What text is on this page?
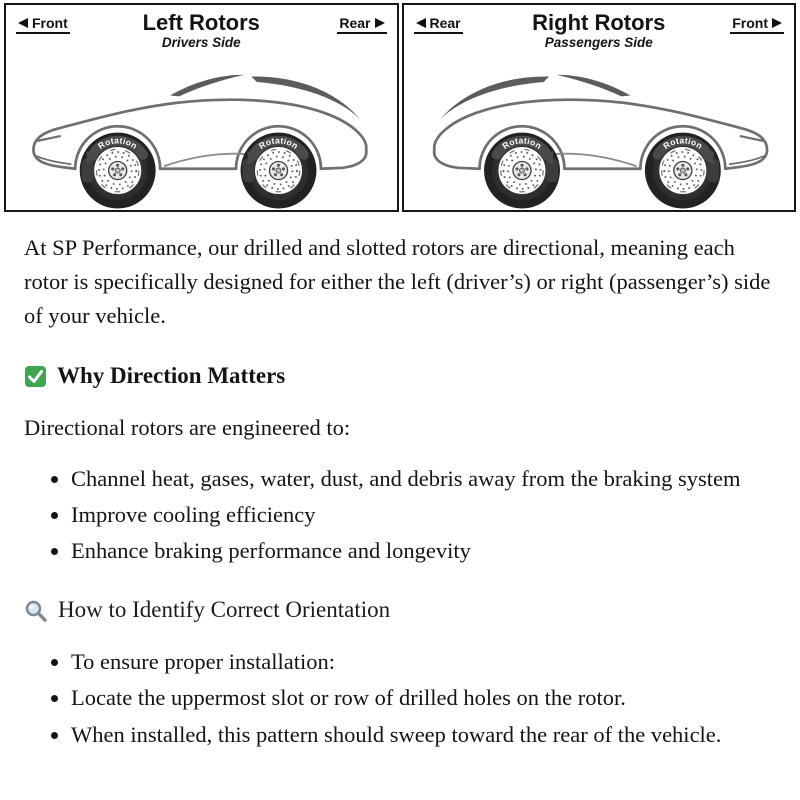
Front	Left Rotors
Drivers Side
Rear
Rotation	Rotation
Rear	Right Rotors
Passengers Side
Front
Rotation	Rotation

At SP Performance, our drilled and slotted rotors are directional, meaning each rotor is specifically designed for either the left (driver’s) or right (passenger’s) side of your vehicle.

Why Direction Matters

Directional rotors are engineered to:

• Channel heat, gases, water, dust, and debris away from the braking system
• Improve cooling efficiency
• Enhance braking performance and longevity
How to Identify Correct Orientation
• To ensure proper installation:
• Locate the uppermost slot or row of drilled holes on the rotor.
• When installed, this pattern should sweep toward the rear of the vehicle.
